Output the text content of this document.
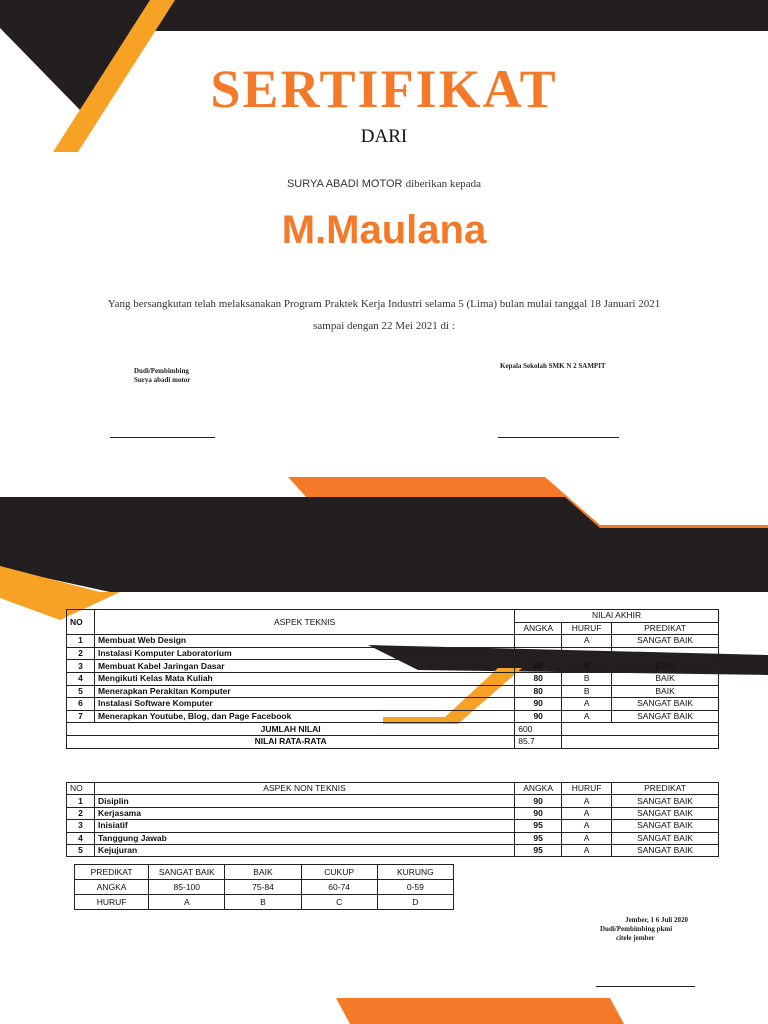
SERTIFIKAT
DARI
SURYA ABADI MOTOR diberikan kepada
M.Maulana
Yang bersangkutan telah melaksanakan Program Praktek Kerja Industri selama 5 (Lima) bulan mulai tanggal 18 Januari 2021
sampai dengan 22 Mei 2021 di :
Dudi/Pembimbing
Surya abadi motor
Kepala Sekolah SMK N 2 SAMPIT
NO	ASPEK TEKNIS	NILAI AKHIR		
		ANGKA	HURUF	PREDIKAT
1	Membuat Web Design		A	SANGAT BAIK
2	Instalasi Komputer Laboratorium			
3	Membuat Kabel Jaringan Dasar	80	B	BAIK
4	Mengikuti Kelas Mata Kuliah	80	B	BAIK
5	Menerapkan Perakitan Komputer	80	B	BAIK
6	Instalasi Software Komputer	90	A	SANGAT BAIK
7	Menerapkan Youtube, Blog, dan Page Facebook	90	A	SANGAT BAIK
JUMLAH NILAI		600		
NILAI RATA-RATA		85.7		
NO	ASPEK NON TEKNIS	ANGKA	HURUF	PREDIKAT
1	Disiplin	90	A	SANGAT BAIK
2	Kerjasama	90	A	SANGAT BAIK
3	Inisiatif	95	A	SANGAT BAIK
4	Tanggung Jawab	95	A	SANGAT BAIK
5	Kejujuran	95	A	SANGAT BAIK
PREDIKAT	SANGAT BAIK	BAIK	CUKUP	KURUNG
ANGKA	85-100	75-84	60-74	0-59
HURUF	A	B	C	D
Jember, 1 6 Juli 2020
Dudi/Pembimbing pkmi
citele jember
